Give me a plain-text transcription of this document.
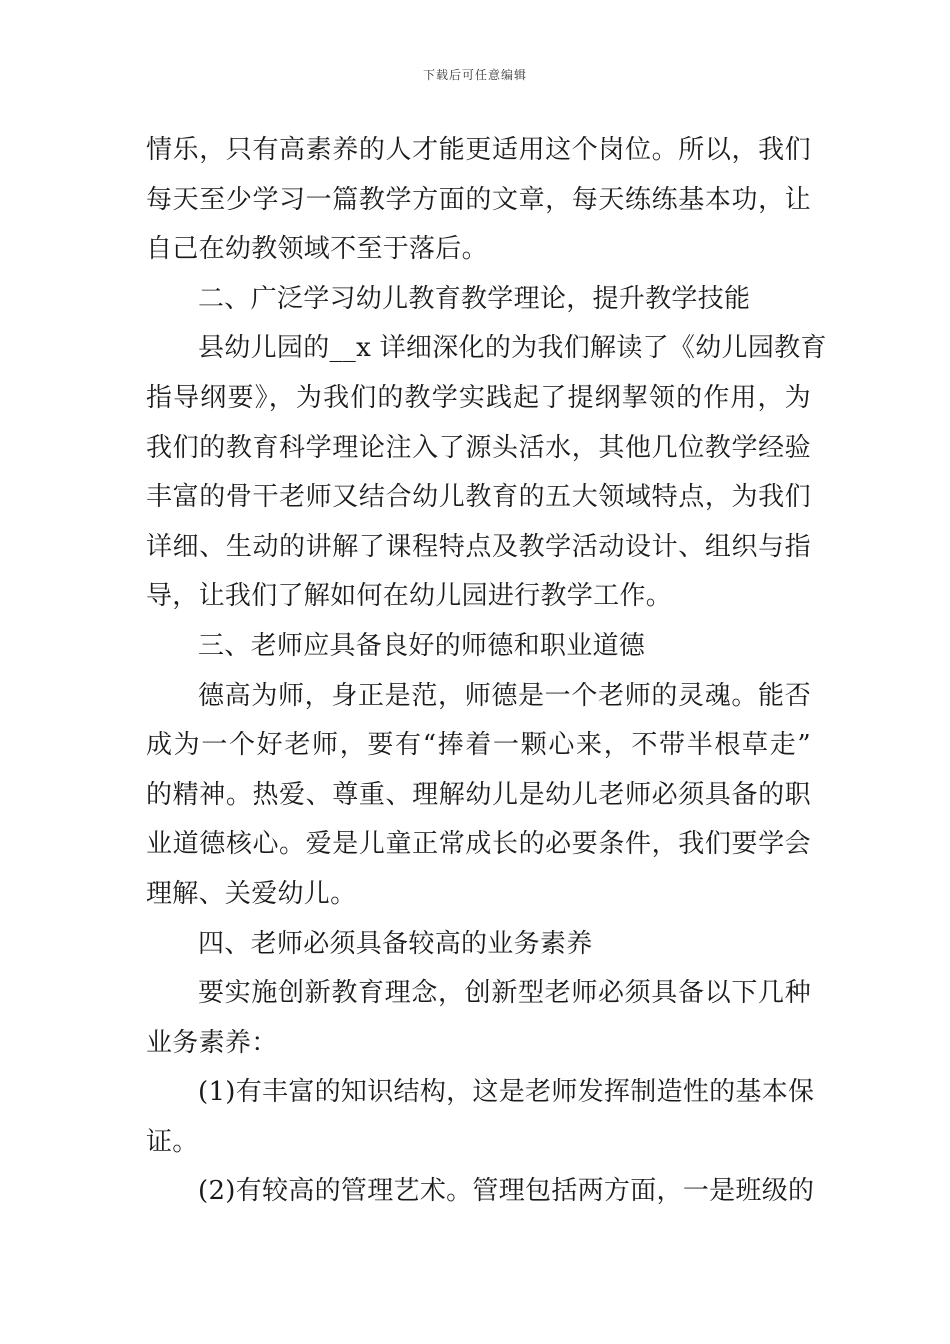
下载后可任意编辑
情乐，只有高素养的人才能更适用这个岗位。所以，我们
每天至少学习一篇教学方面的文章，每天练练基本功，让
自己在幼教领域不至于落后。
二、广泛学习幼儿教育教学理论，提升教学技能
县幼儿园的__x 详细深化的为我们解读了《幼儿园教育
指导纲要》，为我们的教学实践起了提纲挈领的作用，为
我们的教育科学理论注入了源头活水，其他几位教学经验
丰富的骨干老师又结合幼儿教育的五大领域特点，为我们
详细、生动的讲解了课程特点及教学活动设计、组织与指
导，让我们了解如何在幼儿园进行教学工作。
三、老师应具备良好的师德和职业道德
德高为师，身正是范，师德是一个老师的灵魂。能否
成为一个好老师，要有“捧着一颗心来，不带半根草走”
的精神。热爱、尊重、理解幼儿是幼儿老师必须具备的职
业道德核心。爱是儿童正常成长的必要条件，我们要学会
理解、关爱幼儿。
四、老师必须具备较高的业务素养
要实施创新教育理念，创新型老师必须具备以下几种
业务素养：
(1)有丰富的知识结构，这是老师发挥制造性的基本保
证。
(2)有较高的管理艺术。管理包括两方面，一是班级的
